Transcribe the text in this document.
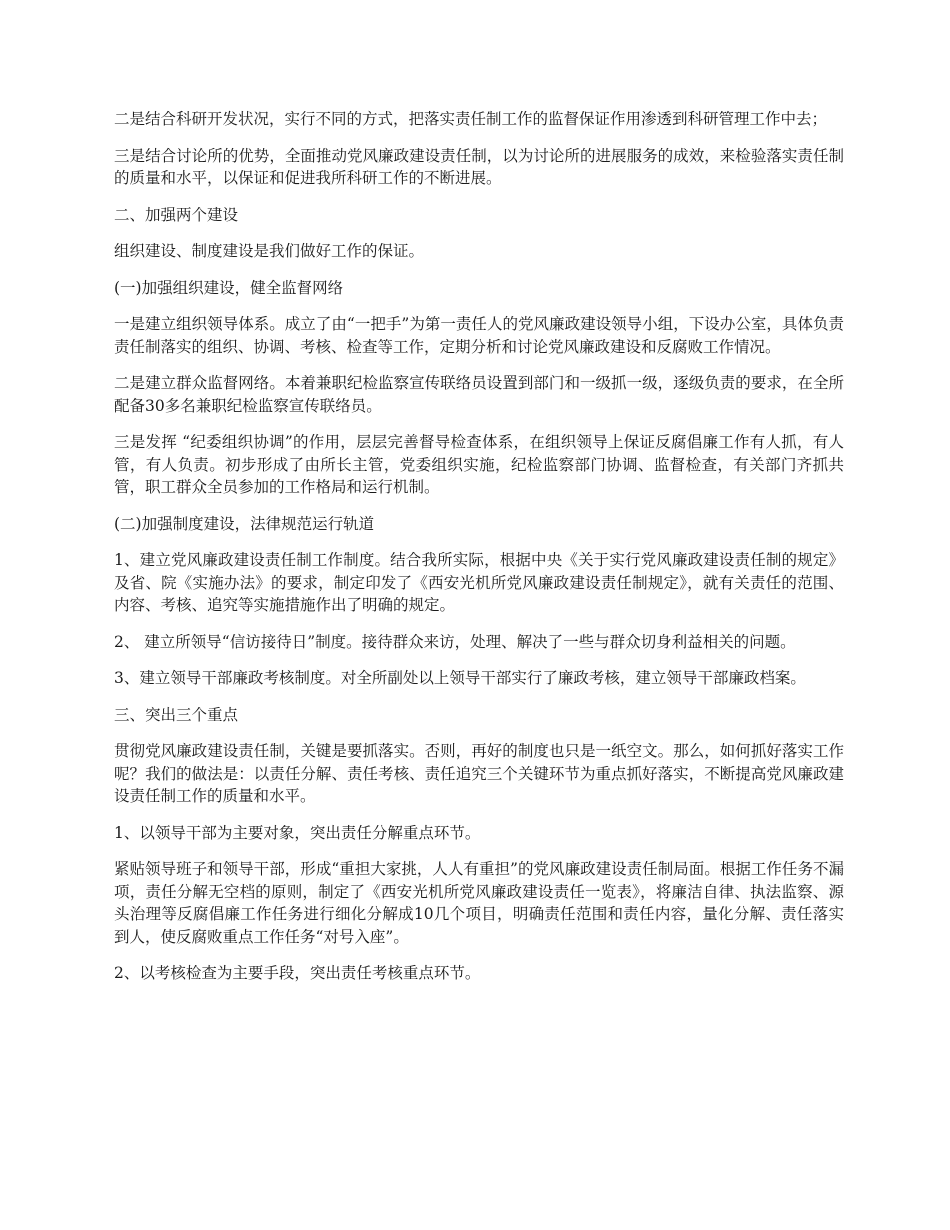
二是结合科研开发状况，实行不同的方式，把落实责任制工作的监督保证作用渗透到科研管理工作中去；

三是结合讨论所的优势，全面推动党风廉政建设责任制，以为讨论所的进展服务的成效，来检验落实责任制的质量和水平，以保证和促进我所科研工作的不断进展。

二、加强两个建设

组织建设、制度建设是我们做好工作的保证。

(一)加强组织建设，健全监督网络

一是建立组织领导体系。成立了由“一把手”为第一责任人的党风廉政建设领导小组，下设办公室，具体负责责任制落实的组织、协调、考核、检查等工作，定期分析和讨论党风廉政建设和反腐败工作情况。

二是建立群众监督网络。本着兼职纪检监察宣传联络员设置到部门和一级抓一级，逐级负责的要求，在全所配备30多名兼职纪检监察宣传联络员。

三是发挥 “纪委组织协调”的作用，层层完善督导检查体系，在组织领导上保证反腐倡廉工作有人抓，有人管，有人负责。初步形成了由所长主管，党委组织实施，纪检监察部门协调、监督检查，有关部门齐抓共管，职工群众全员参加的工作格局和运行机制。

(二)加强制度建设，法律规范运行轨道

1、建立党风廉政建设责任制工作制度。结合我所实际，根据中央《关于实行党风廉政建设责任制的规定》及省、院《实施办法》的要求，制定印发了《西安光机所党风廉政建设责任制规定》，就有关责任的范围、内容、考核、追究等实施措施作出了明确的规定。

2、 建立所领导“信访接待日”制度。接待群众来访，处理、解决了一些与群众切身利益相关的问题。

3、建立领导干部廉政考核制度。对全所副处以上领导干部实行了廉政考核，建立领导干部廉政档案。

三、突出三个重点

贯彻党风廉政建设责任制，关键是要抓落实。否则，再好的制度也只是一纸空文。那么，如何抓好落实工作呢？我们的做法是：以责任分解、责任考核、责任追究三个关键环节为重点抓好落实，不断提高党风廉政建设责任制工作的质量和水平。

1、以领导干部为主要对象，突出责任分解重点环节。

紧贴领导班子和领导干部，形成“重担大家挑，人人有重担”的党风廉政建设责任制局面。根据工作任务不漏项，责任分解无空档的原则，制定了《西安光机所党风廉政建设责任一览表》，将廉洁自律、执法监察、源头治理等反腐倡廉工作任务进行细化分解成10几个项目，明确责任范围和责任内容，量化分解、责任落实到人，使反腐败重点工作任务“对号入座”。

2、以考核检查为主要手段，突出责任考核重点环节。
